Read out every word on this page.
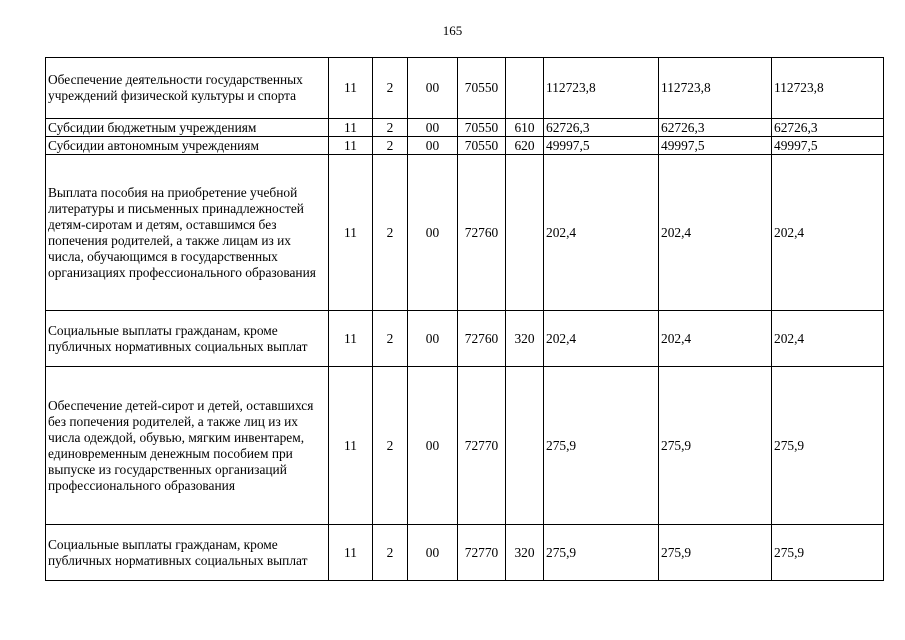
165
Обеспечение деятельности государственных учреждений физической культуры и спорта	11	2	00	70550		112723,8	112723,8	112723,8
Субсидии бюджетным учреждениям	11	2	00	70550	610	62726,3	62726,3	62726,3
Субсидии автономным учреждениям	11	2	00	70550	620	49997,5	49997,5	49997,5
Выплата пособия на приобретение учебной литературы и письменных принадлежностей детям-сиротам и детям, оставшимся без попечения родителей, а также лицам из их числа, обучающимся в государственных организациях профессионального образования	11	2	00	72760		202,4	202,4	202,4
Социальные выплаты гражданам, кроме публичных нормативных социальных выплат	11	2	00	72760	320	202,4	202,4	202,4
Обеспечение детей-сирот и детей, оставшихся без попечения родителей, а также лиц из их числа одеждой, обувью, мягким инвентарем, единовременным денежным пособием при выпуске из государственных организаций профессионального образования	11	2	00	72770		275,9	275,9	275,9
Социальные выплаты гражданам, кроме публичных нормативных социальных выплат	11	2	00	72770	320	275,9	275,9	275,9
